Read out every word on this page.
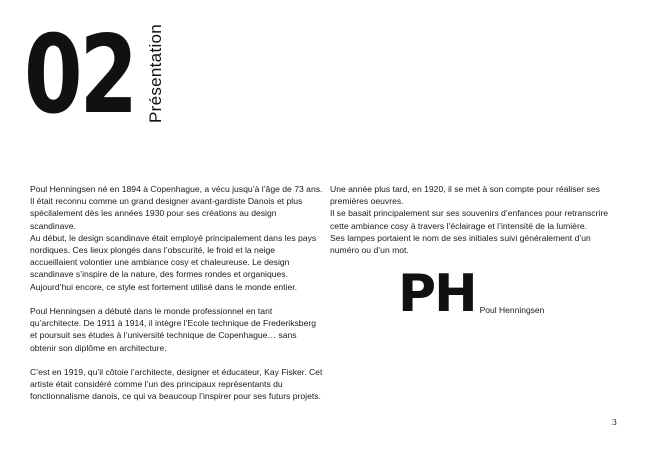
02 Présentation

Poul Henningsen né en 1894 à Copenhague, a vécu jusqu’à l’âge de 73 ans. Il était reconnu comme un grand designer avant-gardiste Danois et plus spécilalement dès les années 1930 pour ses créations au design scandinave.
Au début, le design scandinave était employé principalement dans les pays nordiques. Ces lieux plongés dans l’obscurité, le froid et la neige accueillaient volontier une ambiance cosy et chaleureuse. Le design scandinave s’inspire de la nature, des formes rondes et organiques. Aujourd’hui encore, ce style est fortement utilisé dans le monde entier.

Poul Henningsen a débuté dans le monde professionnel en tant qu’architecte. De 1911 à 1914, il intègre l’Ecole technique de Frederiksberg et poursuit ses études à l’université technique de Copenhague… sans obtenir son diplôme en architecture.

C’est en 1919, qu’il côtoie l’architecte, designer et éducateur, Kay Fisker. Cet artiste était considéré comme l’un des principaux représentants du fonctionnalisme danois, ce qui va beaucoup l’inspirer pour ses futurs projets.

Une année plus tard, en 1920, il se met à son compte pour réaliser ses premières oeuvres.
Il se basait principalement sur ses souvenirs d’enfances pour retranscrire cette ambiance cosy à travers l’éclairage et l’intensité de la lumière.
Ses lampes portaient le nom de ses initiales suivi généralement d’un numéro ou d’un mot.

PH Poul Henningsen
3
